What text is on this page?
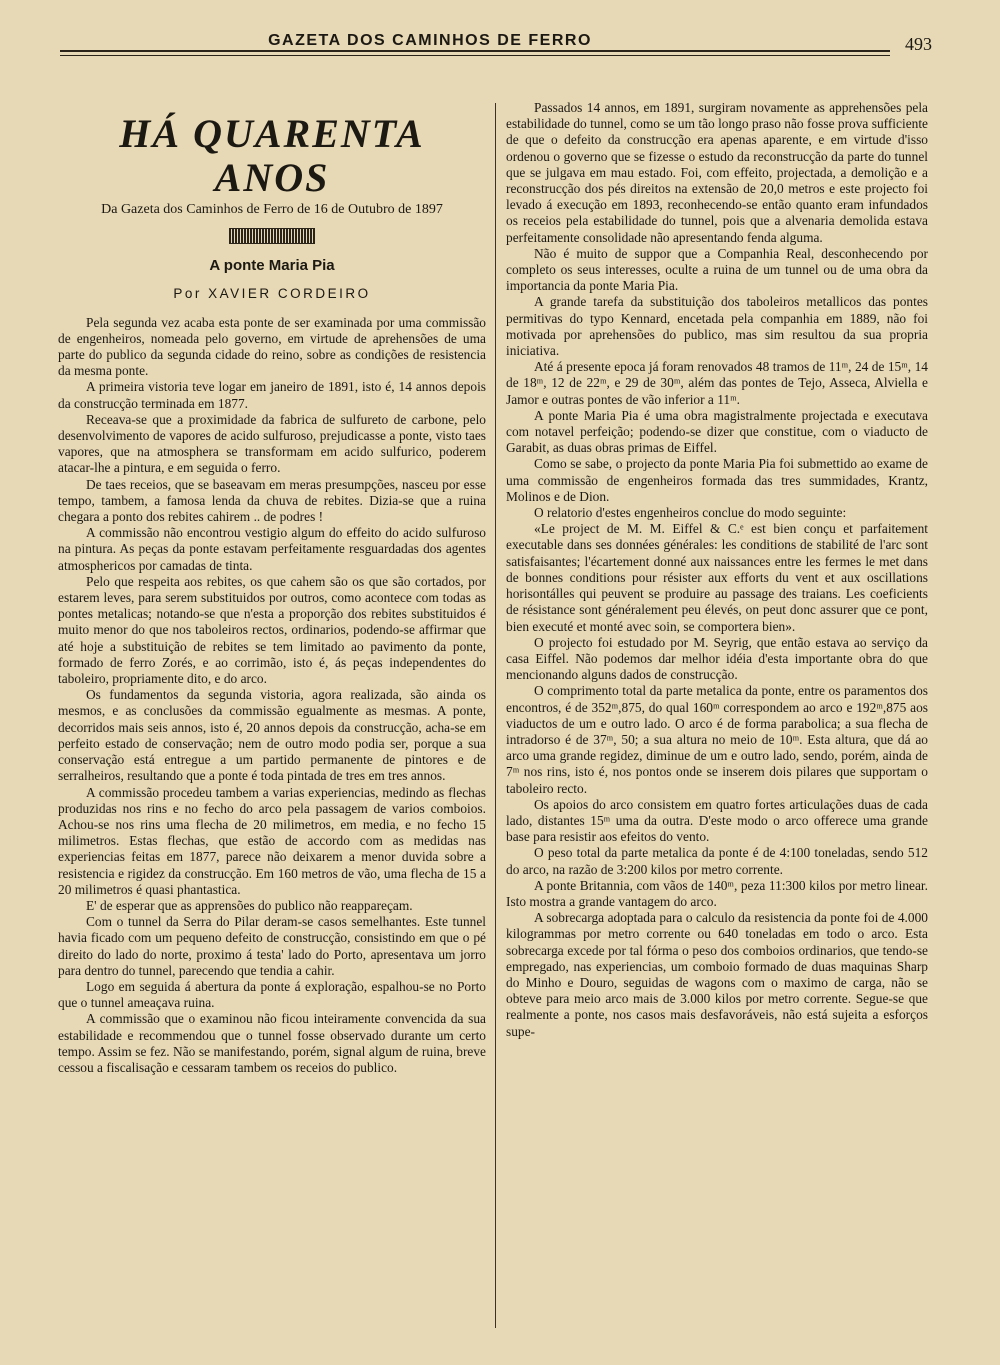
GAZETA DOS CAMINHOS DE FERRO	493
HÁ QUARENTA ANOS
Da Gazeta dos Caminhos de Ferro de 16 de Outubro de 1897
A ponte Maria Pia
Por XAVIER CORDEIRO

Pela segunda vez acaba esta ponte de ser examinada por uma commissão de engenheiros, nomeada pelo governo, em virtude de aprehensões de uma parte do publico da segunda cidade do reino, sobre as condições de resistencia da mesma ponte.

A primeira vistoria teve logar em janeiro de 1891, isto é, 14 annos depois da construcção terminada em 1877.

Receava-se que a proximidade da fabrica de sulfureto de carbone, pelo desenvolvimento de vapores de acido sulfuroso, prejudicasse a ponte, visto taes vapores, que na atmosphera se transformam em acido sulfurico, poderem atacar-lhe a pintura, e em seguida o ferro.

De taes receios, que se baseavam em meras presumpções, nasceu por esse tempo, tambem, a famosa lenda da chuva de rebites. Dizia-se que a ruina chegara a ponto dos rebites cahirem .. de podres !

A commissão não encontrou vestigio algum do effeito do acido sulfuroso na pintura. As peças da ponte estavam perfeitamente resguardadas dos agentes atmosphericos por camadas de tinta.

Pelo que respeita aos rebites, os que cahem são os que são cortados, por estarem leves, para serem substituidos por outros, como acontece com todas as pontes metalicas; notando-se que n'esta a proporção dos rebites substituidos é muito menor do que nos taboleiros rectos, ordinarios, podendo-se affirmar que até hoje a substituição de rebites se tem limitado ao pavimento da ponte, formado de ferro Zorés, e ao corrimão, isto é, ás peças independentes do taboleiro, propriamente dito, e do arco.

Os fundamentos da segunda vistoria, agora realizada, são ainda os mesmos, e as conclusões da commissão egualmente as mesmas. A ponte, decorridos mais seis annos, isto é, 20 annos depois da construcção, acha-se em perfeito estado de conservação; nem de outro modo podia ser, porque a sua conservação está entregue a um partido permanente de pintores e de serralheiros, resultando que a ponte é toda pintada de tres em tres annos.

A commissão procedeu tambem a varias experiencias, medindo as flechas produzidas nos rins e no fecho do arco pela passagem de varios comboios. Achou-se nos rins uma flecha de 20 milimetros, em media, e no fecho 15 milimetros. Estas flechas, que estão de accordo com as medidas nas experiencias feitas em 1877, parece não deixarem a menor duvida sobre a resistencia e rigidez da construcção. Em 160 metros de vão, uma flecha de 15 a 20 milimetros é quasi phantastica.

E' de esperar que as apprensões do publico não reappareçam.

Com o tunnel da Serra do Pilar deram-se casos semelhantes. Este tunnel havia ficado com um pequeno defeito de construcção, consistindo em que o pé direito do lado do norte, proximo á testa' lado do Porto, apresentava um jorro para dentro do tunnel, parecendo que tendia a cahir.

Logo em seguida á abertura da ponte á exploração, espalhou-se no Porto que o tunnel ameaçava ruina.

A commissão que o examinou não ficou inteiramente convencida da sua estabilidade e recommendou que o tunnel fosse observado durante um certo tempo. Assim se fez. Não se manifestando, porém, signal algum de ruina, breve cessou a fiscalisação e cessaram tambem os receios do publico.

Passados 14 annos, em 1891, surgiram novamente as apprehensões pela estabilidade do tunnel, como se um tão longo praso não fosse prova sufficiente de que o defeito da construcção era apenas aparente, e em virtude d'isso ordenou o governo que se fizesse o estudo da reconstrucção da parte do tunnel que se julgava em mau estado. Foi, com effeito, projectada, a demolição e a reconstrucção dos pés direitos na extensão de 20,0 metros e este projecto foi levado á execução em 1893, reconhecendo-se então quanto eram infundados os receios pela estabilidade do tunnel, pois que a alvenaria demolida estava perfeitamente consolidade não apresentando fenda alguma.

Não é muito de suppor que a Companhia Real, desconhecendo por completo os seus interesses, oculte a ruina de um tunnel ou de uma obra da importancia da ponte Maria Pia.

A grande tarefa da substituição dos taboleiros metallicos das pontes permitivas do typo Kennard, encetada pela companhia em 1889, não foi motivada por aprehensões do publico, mas sim resultou da sua propria iniciativa.

Até á presente epoca já foram renovados 48 tramos de 11ᵐ, 24 de 15ᵐ, 14 de 18ᵐ, 12 de 22ᵐ, e 29 de 30ᵐ, além das pontes de Tejo, Asseca, Alviella e Jamor e outras pontes de vão inferior a 11ᵐ.

A ponte Maria Pia é uma obra magistralmente projectada e executava com notavel perfeição; podendo-se dizer que constitue, com o viaducto de Garabit, as duas obras primas de Eiffel.

Como se sabe, o projecto da ponte Maria Pia foi submettido ao exame de uma commissão de engenheiros formada das tres summidades, Krantz, Molinos e de Dion.

O relatorio d'estes engenheiros conclue do modo seguinte:

«Le project de M. M. Eiffel & C.ᵉ est bien conçu et parfaitement executable dans ses données générales: les conditions de stabilité de l'arc sont satisfaisantes; l'écartement donné aux naissances entre les fermes le met dans de bonnes conditions pour résister aux efforts du vent et aux oscillations horisontálles qui peuvent se produire au passage des traians. Les coeficients de résistance sont généralement peu élevés, on peut donc assurer que ce pont, bien executé et monté avec soin, se comportera bien».

O projecto foi estudado por M. Seyrig, que então estava ao serviço da casa Eiffel. Não podemos dar melhor idéia d'esta importante obra do que mencionando alguns dados de construcção.

O comprimento total da parte metalica da ponte, entre os paramentos dos encontros, é de 352ᵐ,875, do qual 160ᵐ correspondem ao arco e 192ᵐ,875 aos viaductos de um e outro lado. O arco é de forma parabolica; a sua flecha de intradorso é de 37ᵐ, 50; a sua altura no meio de 10ᵐ. Esta altura, que dá ao arco uma grande regidez, diminue de um e outro lado, sendo, porém, ainda de 7ᵐ nos rins, isto é, nos pontos onde se inserem dois pilares que supportam o taboleiro recto.

Os apoios do arco consistem em quatro fortes articulações duas de cada lado, distantes 15ᵐ uma da outra. D'este modo o arco offerece uma grande base para resistir aos efeitos do vento.

O peso total da parte metalica da ponte é de 4:100 toneladas, sendo 512 do arco, na razão de 3:200 kilos por metro corrente.

A ponte Britannia, com vãos de 140ᵐ, peza 11:300 kilos por metro linear. Isto mostra a grande vantagem do arco.

A sobrecarga adoptada para o calculo da resistencia da ponte foi de 4.000 kilogrammas por metro corrente ou 640 toneladas em todo o arco. Esta sobrecarga excede por tal fórma o peso dos comboios ordinarios, que tendo-se empregado, nas experiencias, um comboio formado de duas maquinas Sharp do Minho e Douro, seguidas de wagons com o maximo de carga, não se obteve para meio arco mais de 3.000 kilos por metro corrente. Segue-se que realmente a ponte, nos casos mais desfavoráveis, não está sujeita a esforços supe-
